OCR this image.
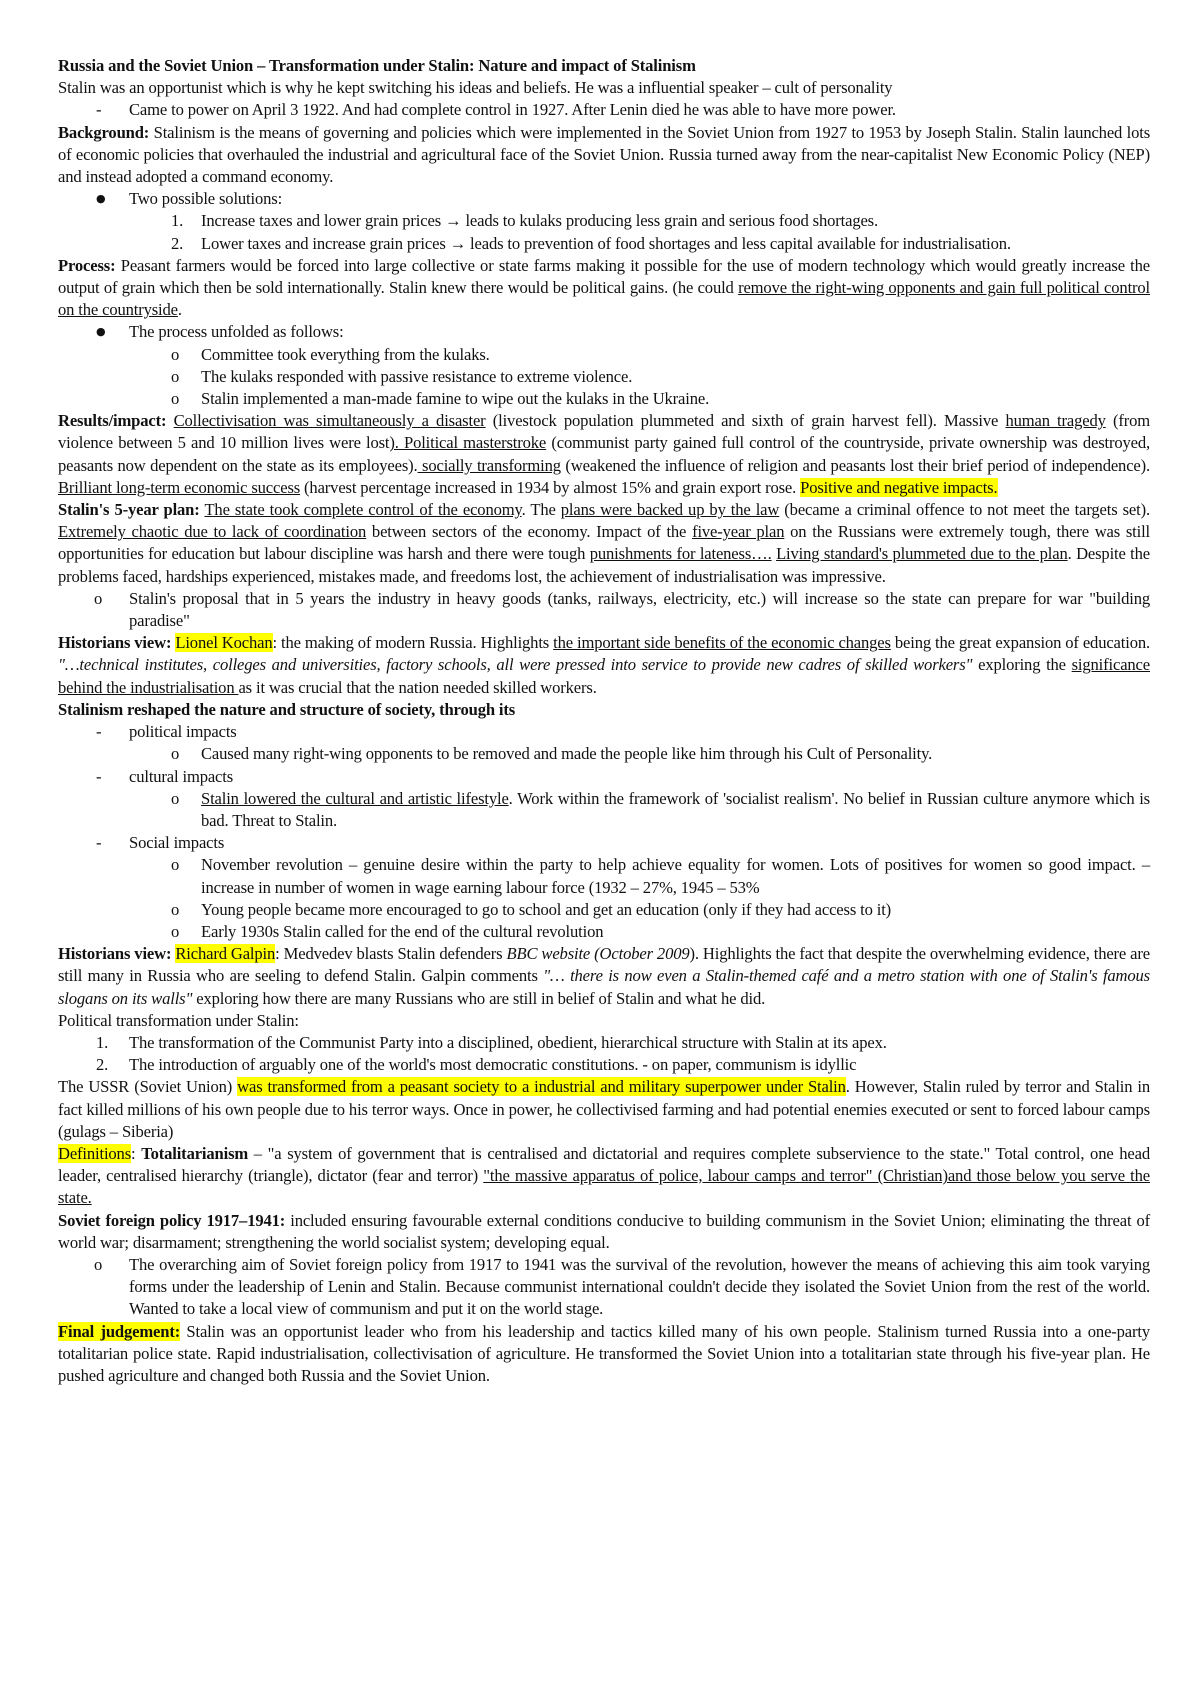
Russia and the Soviet Union – Transformation under Stalin: Nature and impact of Stalinism

Stalin was an opportunist which is why he kept switching his ideas and beliefs. He was a influential speaker – cult of personality

- Came to power on April 3 1922. And had complete control in 1927. After Lenin died he was able to have more power.

Background: Stalinism is the means of governing and policies which were implemented in the Soviet Union from 1927 to 1953 by Joseph Stalin. Stalin launched lots of economic policies that overhauled the industrial and agricultural face of the Soviet Union. Russia turned away from the near-capitalist New Economic Policy (NEP) and instead adopted a command economy.

● Two possible solutions:

1. Increase taxes and lower grain prices → leads to kulaks producing less grain and serious food shortages.

2. Lower taxes and increase grain prices → leads to prevention of food shortages and less capital available for industrialisation.

Process: Peasant farmers would be forced into large collective or state farms making it possible for the use of modern technology which would greatly increase the output of grain which then be sold internationally. Stalin knew there would be political gains. (he could remove the right-wing opponents and gain full political control on the countryside.

● The process unfolded as follows:

o Committee took everything from the kulaks.

o The kulaks responded with passive resistance to extreme violence.

o Stalin implemented a man-made famine to wipe out the kulaks in the Ukraine.

Results/impact: Collectivisation was simultaneously a disaster (livestock population plummeted and sixth of grain harvest fell). Massive human tragedy (from violence between 5 and 10 million lives were lost). Political masterstroke (communist party gained full control of the countryside, private ownership was destroyed, peasants now dependent on the state as its employees). socially transforming (weakened the influence of religion and peasants lost their brief period of independence). Brilliant long-term economic success (harvest percentage increased in 1934 by almost 15% and grain export rose. Positive and negative impacts.

Stalin's 5-year plan: The state took complete control of the economy. The plans were backed up by the law (became a criminal offence to not meet the targets set). Extremely chaotic due to lack of coordination between sectors of the economy. Impact of the five-year plan on the Russians were extremely tough, there was still opportunities for education but labour discipline was harsh and there were tough punishments for lateness…. Living standard's plummeted due to the plan. Despite the problems faced, hardships experienced, mistakes made, and freedoms lost, the achievement of industrialisation was impressive.

o Stalin's proposal that in 5 years the industry in heavy goods (tanks, railways, electricity, etc.) will increase so the state can prepare for war "building paradise"

Historians view: Lionel Kochan: the making of modern Russia. Highlights the important side benefits of the economic changes being the great expansion of education. "…technical institutes, colleges and universities, factory schools, all were pressed into service to provide new cadres of skilled workers" exploring the significance behind the industrialisation as it was crucial that the nation needed skilled workers.

Stalinism reshaped the nature and structure of society, through its

- political impacts

o Caused many right-wing opponents to be removed and made the people like him through his Cult of Personality.

- cultural impacts

o Stalin lowered the cultural and artistic lifestyle. Work within the framework of 'socialist realism'. No belief in Russian culture anymore which is bad. Threat to Stalin.

- Social impacts

o November revolution – genuine desire within the party to help achieve equality for women. Lots of positives for women so good impact. – increase in number of women in wage earning labour force (1932 – 27%, 1945 – 53%

o Young people became more encouraged to go to school and get an education (only if they had access to it)

o Early 1930s Stalin called for the end of the cultural revolution

Historians view: Richard Galpin: Medvedev blasts Stalin defenders BBC website (October 2009). Highlights the fact that despite the overwhelming evidence, there are still many in Russia who are seeling to defend Stalin. Galpin comments "… there is now even a Stalin-themed café and a metro station with one of Stalin's famous slogans on its walls" exploring how there are many Russians who are still in belief of Stalin and what he did.

Political transformation under Stalin:

1. The transformation of the Communist Party into a disciplined, obedient, hierarchical structure with Stalin at its apex.

2. The introduction of arguably one of the world's most democratic constitutions. - on paper, communism is idyllic

The USSR (Soviet Union) was transformed from a peasant society to a industrial and military superpower under Stalin. However, Stalin ruled by terror and Stalin in fact killed millions of his own people due to his terror ways. Once in power, he collectivised farming and had potential enemies executed or sent to forced labour camps (gulags – Siberia)

Definitions: Totalitarianism – "a system of government that is centralised and dictatorial and requires complete subservience to the state." Total control, one head leader, centralised hierarchy (triangle), dictator (fear and terror) "the massive apparatus of police, labour camps and terror" (Christian)and those below you serve the state.

Soviet foreign policy 1917–1941: included ensuring favourable external conditions conducive to building communism in the Soviet Union; eliminating the threat of world war; disarmament; strengthening the world socialist system; developing equal.

o The overarching aim of Soviet foreign policy from 1917 to 1941 was the survival of the revolution, however the means of achieving this aim took varying forms under the leadership of Lenin and Stalin. Because communist international couldn't decide they isolated the Soviet Union from the rest of the world. Wanted to take a local view of communism and put it on the world stage.

Final judgement: Stalin was an opportunist leader who from his leadership and tactics killed many of his own people. Stalinism turned Russia into a one-party totalitarian police state. Rapid industrialisation, collectivisation of agriculture. He transformed the Soviet Union into a totalitarian state through his five-year plan. He pushed agriculture and changed both Russia and the Soviet Union.
